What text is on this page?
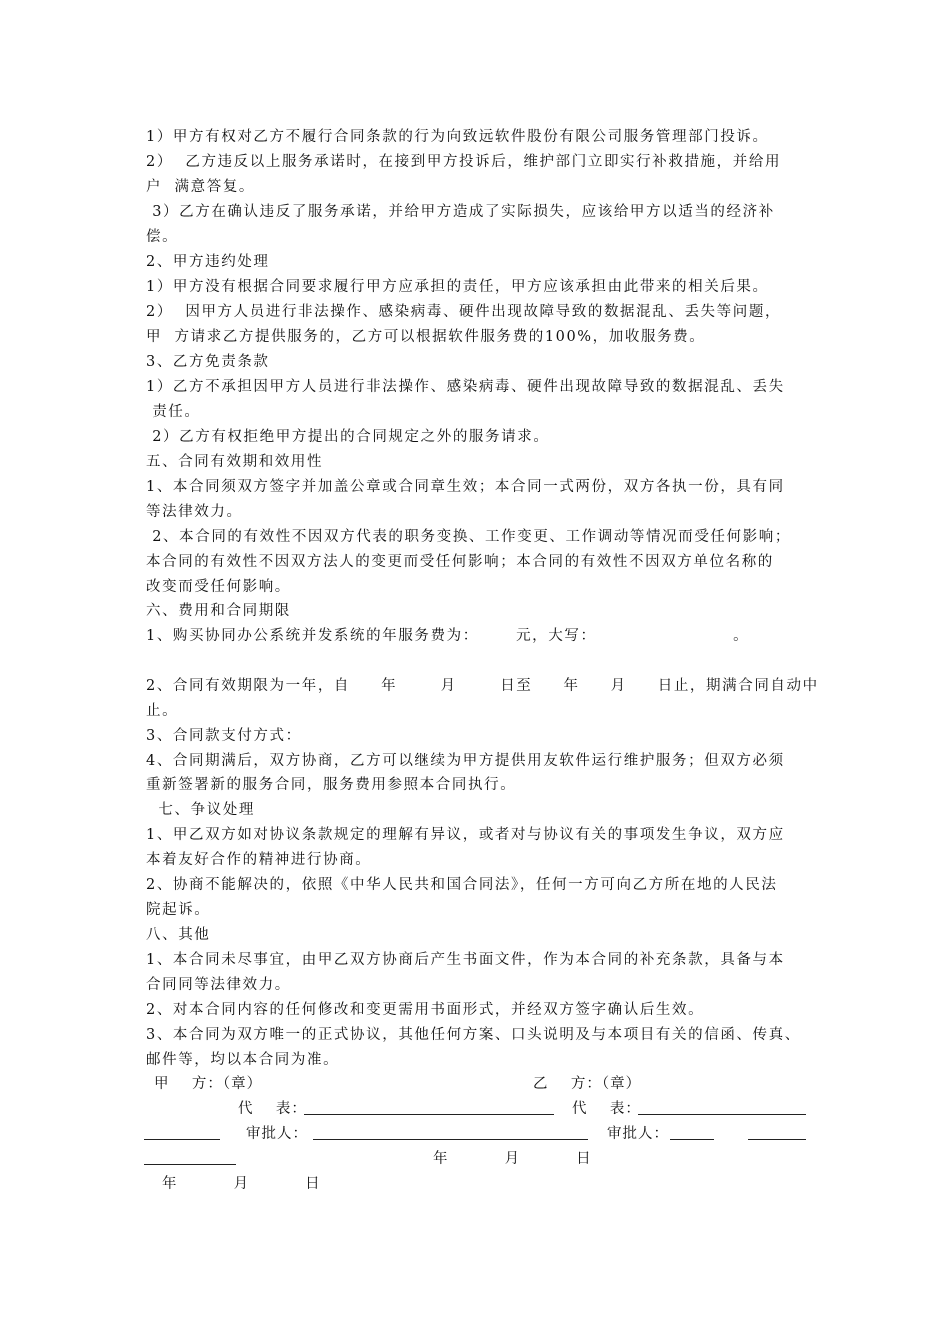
1）甲方有权对乙方不履行合同条款的行为向致远软件股份有限公司服务管理部门投诉。
2）  乙方违反以上服务承诺时，在接到甲方投诉后，维护部门立即实行补救措施，并给用
户  满意答复。
3）乙方在确认违反了服务承诺，并给甲方造成了实际损失，应该给甲方以适当的经济补
偿。
2、甲方违约处理
1）甲方没有根据合同要求履行甲方应承担的责任，甲方应该承担由此带来的相关后果。
2）  因甲方人员进行非法操作、感染病毒、硬件出现故障导致的数据混乱、丢失等问题，
甲  方请求乙方提供服务的，乙方可以根据软件服务费的100%，加收服务费。
3、乙方免责条款
1）乙方不承担因甲方人员进行非法操作、感染病毒、硬件出现故障导致的数据混乱、丢失
责任。
2）乙方有权拒绝甲方提出的合同规定之外的服务请求。
五、合同有效期和效用性
1、本合同须双方签字并加盖公章或合同章生效；本合同一式两份，双方各执一份，具有同
等法律效力。
2、本合同的有效性不因双方代表的职务变换、工作变更、工作调动等情况而受任何影响；
本合同的有效性不因双方法人的变更而受任何影响；本合同的有效性不因双方单位名称的
改变而受任何影响。
六、费用和合同期限
1、购买协同办公系统并发系统的年服务费为：      元，大写：                      。
2、合同有效期限为一年，自     年       月       日至     年     月     日止，期满合同自动中
止。
3、合同款支付方式：
4、合同期满后，双方协商，乙方可以继续为甲方提供用友软件运行维护服务；但双方必须
重新签署新的服务合同，服务费用参照本合同执行。
七、争议处理
1、甲乙双方如对协议条款规定的理解有异议，或者对与协议有关的事项发生争议，双方应
本着友好合作的精神进行协商。
2、协商不能解决的，依照《中华人民共和国合同法》，任何一方可向乙方所在地的人民法
院起诉。
八、其他
1、本合同未尽事宜，由甲乙双方协商后产生书面文件，作为本合同的补充条款，具备与本
合同同等法律效力。
2、对本合同内容的任何修改和变更需用书面形式，并经双方签字确认后生效。
3、本合同为双方唯一的正式协议，其他任何方案、口头说明及与本项目有关的信函、传真、
邮件等，均以本合同为准。
甲    方：（章）	乙    方：（章）
代    表：	代    表：
审批人：	审批人：
年          月          日
年          月          日
